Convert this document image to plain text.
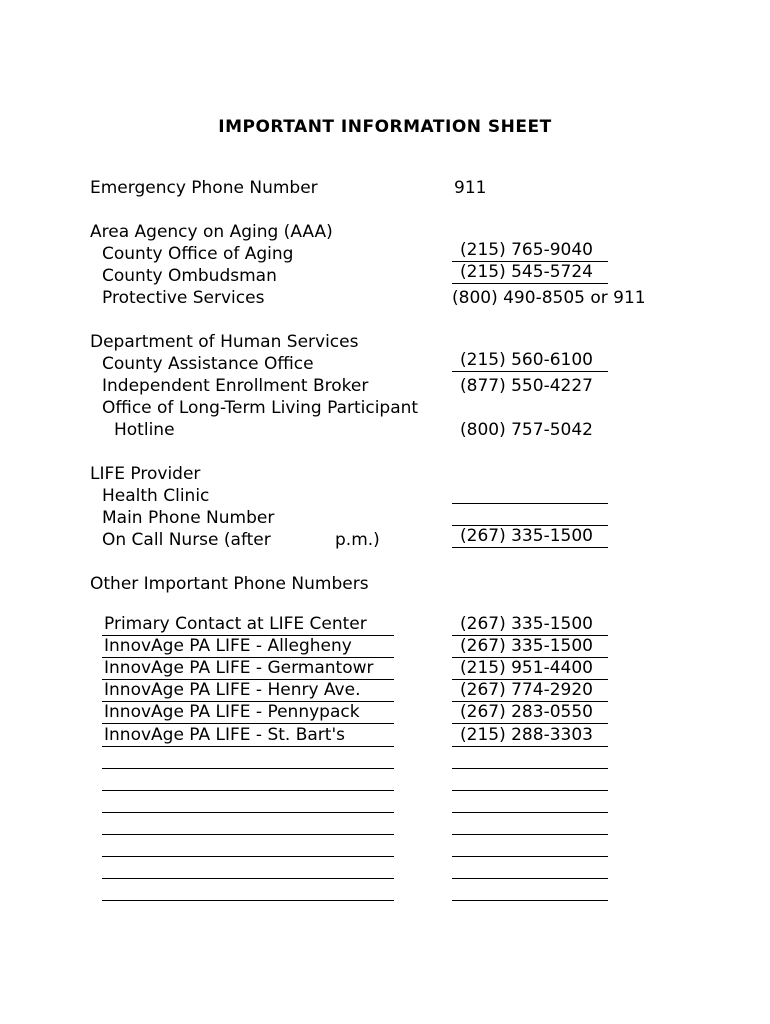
IMPORTANT INFORMATION SHEET
Emergency Phone Number	911
Area Agency on Aging (AAA)
County Office of Aging	(215) 765-9040
County Ombudsman	(215) 545-5724
Protective Services	(800) 490-8505 or 911
Department of Human Services
County Assistance Office	(215) 560-6100
Independent Enrollment Broker	(877) 550-4227
Office of Long-Term Living Participant
Hotline	(800) 757-5042
LIFE Provider
Health Clinic
Main Phone Number
On Call Nurse (after	p.m.)	(267) 335-1500
Other Important Phone Numbers
Primary Contact at LIFE Center	(267) 335-1500
InnovAge PA LIFE - Allegheny	(267) 335-1500
InnovAge PA LIFE - Germantowr	(215) 951-4400
InnovAge PA LIFE - Henry Ave.	(267) 774-2920
InnovAge PA LIFE - Pennypack	(267) 283-0550
InnovAge PA LIFE - St. Bart's	(215) 288-3303
